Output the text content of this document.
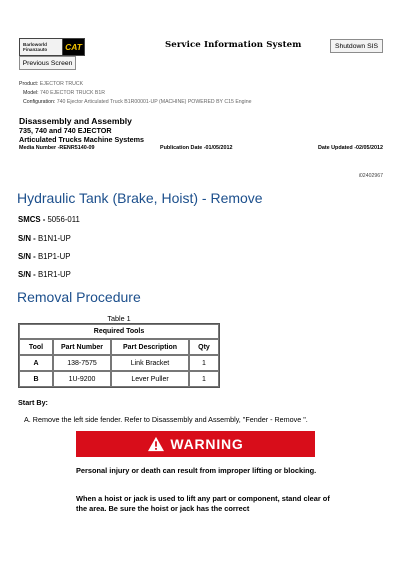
Barloworld
Finanzauto	CAT	Service Information System	Shutdown SIS
Previous Screen
Product: EJECTOR TRUCK
Model: 740 EJECTOR TRUCK B1R
Configuration: 740 Ejector Articulated Truck B1R00001-UP (MACHINE) POWERED BY C15 Engine
Disassembly and Assembly
735, 740 and 740 EJECTOR
Articulated Trucks Machine Systems
Media Number -RENR5140-09	Publication Date -01/05/2012	Date Updated -02/05/2012
i02402967
Hydraulic Tank (Brake, Hoist) - Remove
SMCS - 5056-011
S/N - B1N1-UP
S/N - B1P1-UP
S/N - B1R1-UP
Removal Procedure
Table 1
Required Tools			
Tool	Part Number	Part Description	Qty
A	138-7575	Link Bracket	1
B	1U-9200	Lever Puller	1
Start By:
A. Remove the left side fender. Refer to Disassembly and Assembly, "Fender - Remove ".
WARNING
Personal injury or death can result from improper lifting or blocking.
When a hoist or jack is used to lift any part or component, stand clear of the area. Be sure the hoist or jack has the correct
